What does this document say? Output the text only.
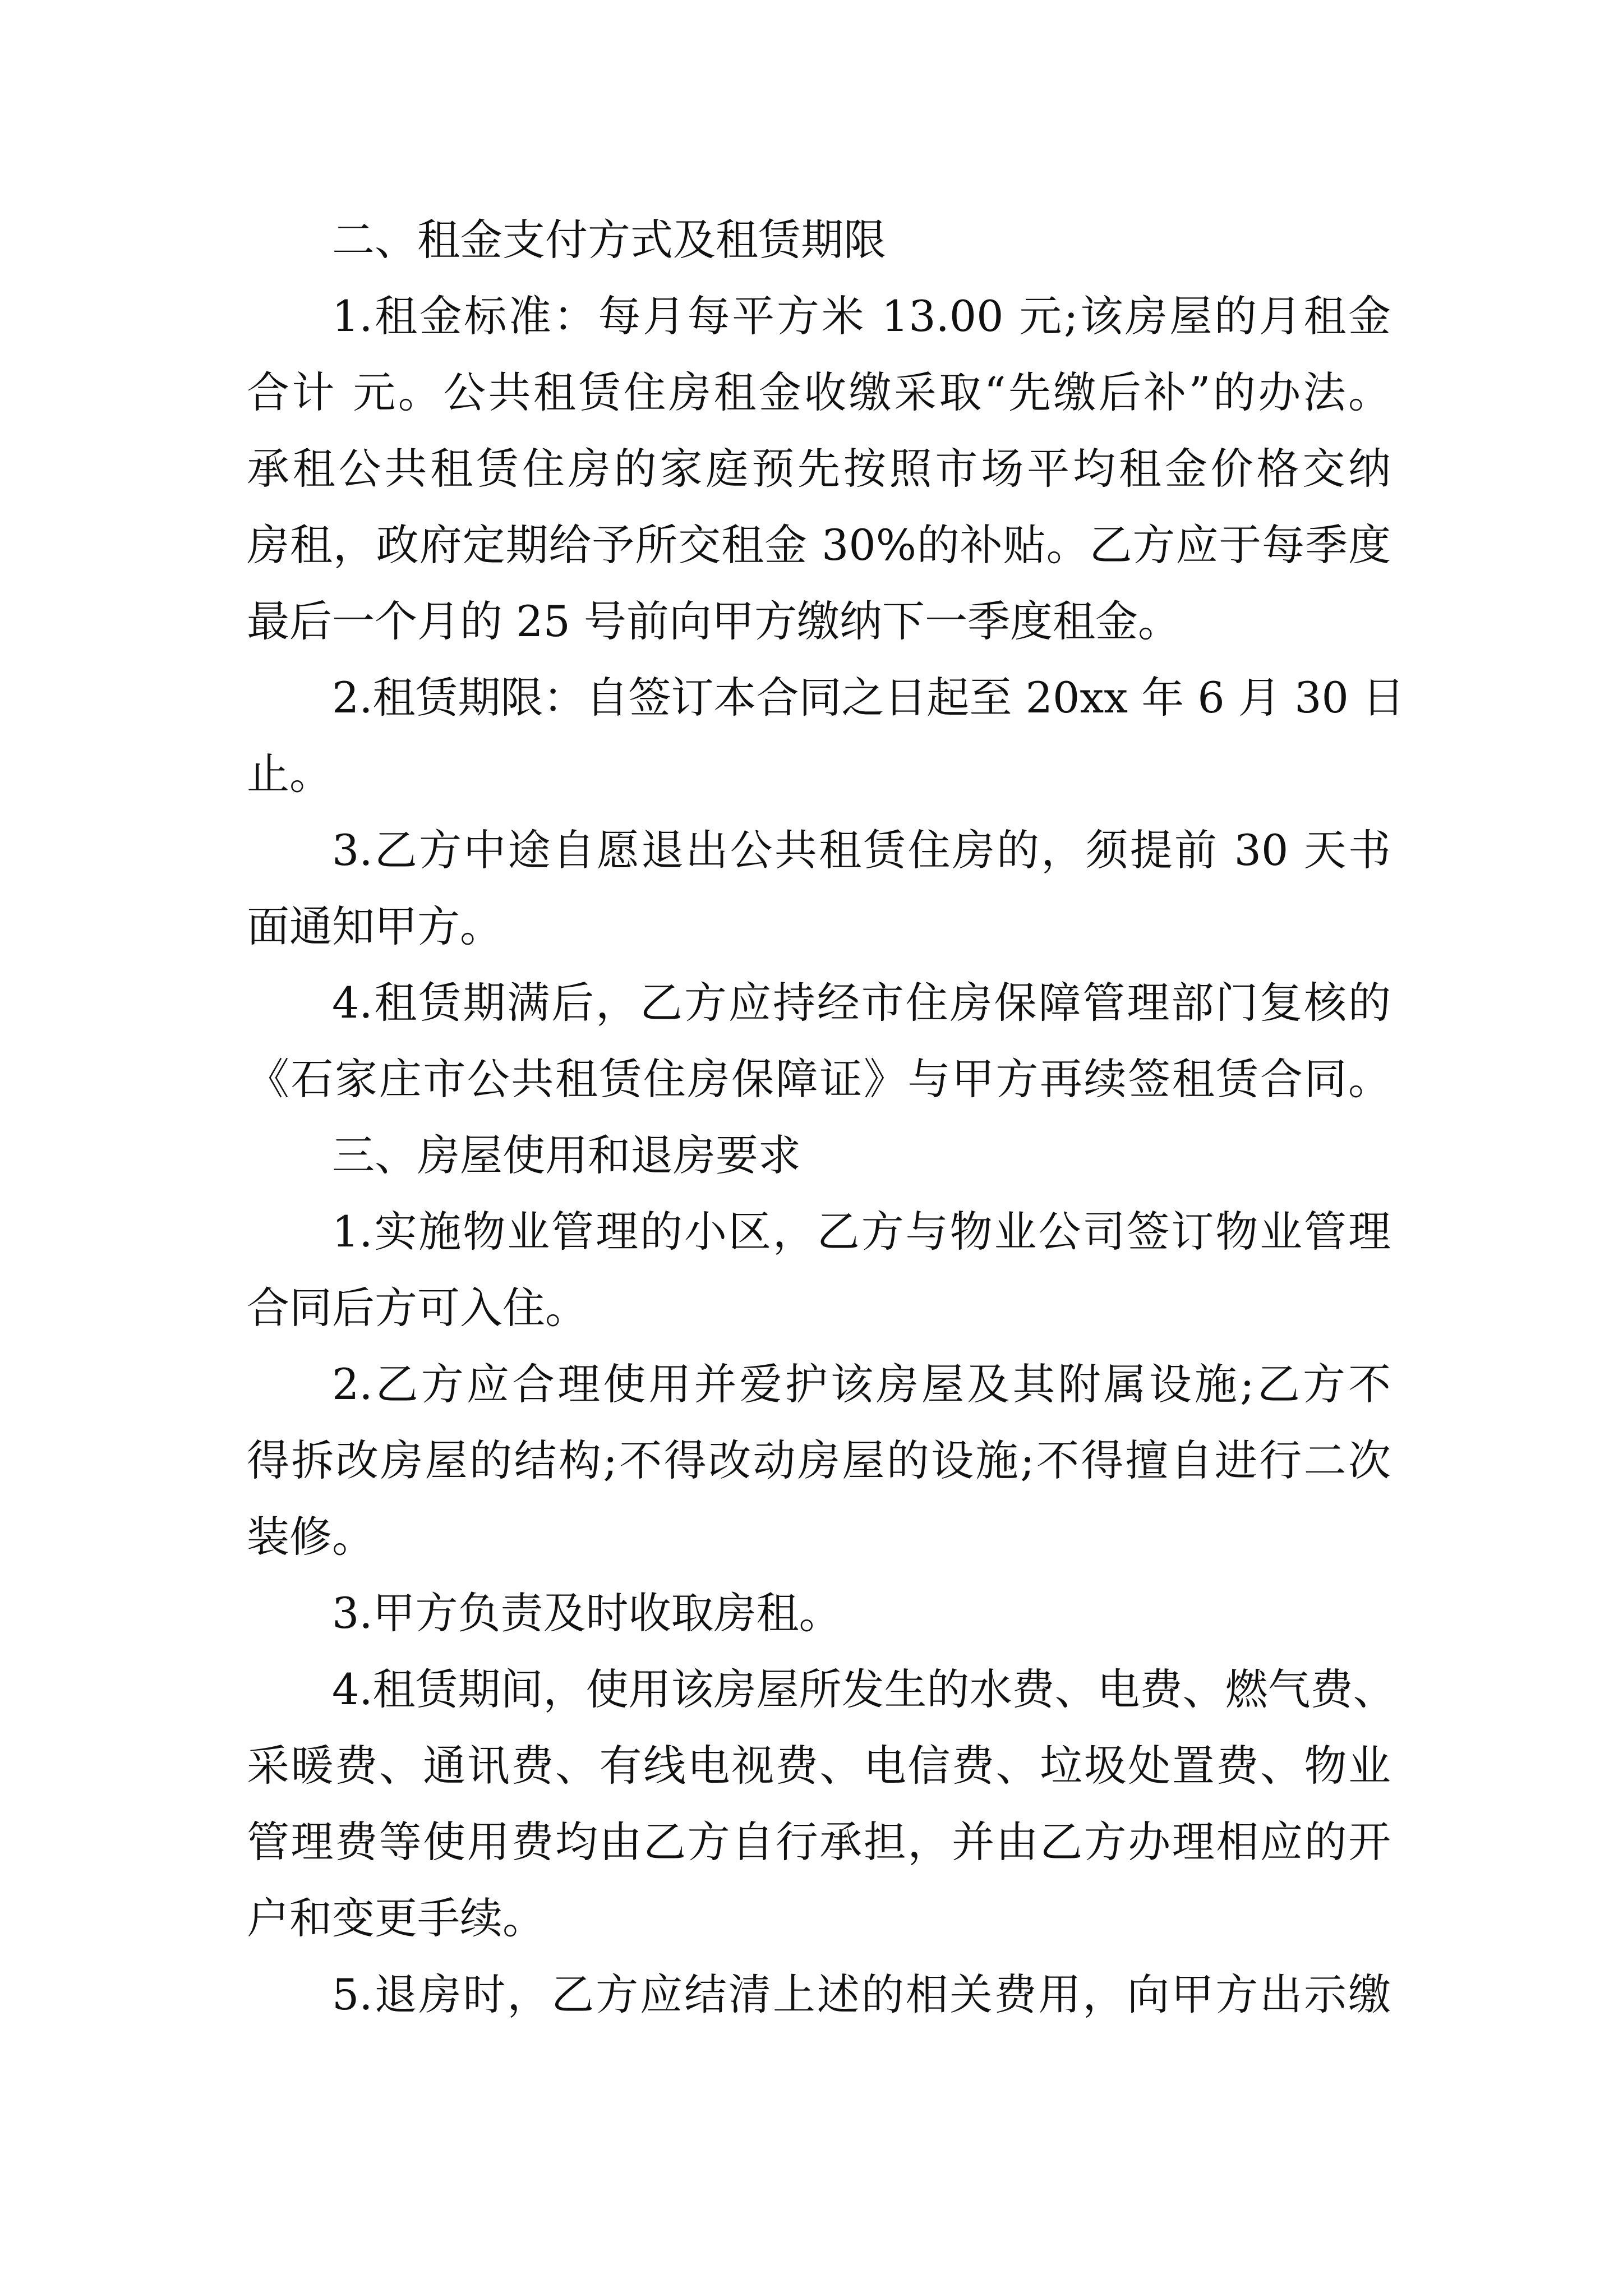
二、租金支付方式及租赁期限
1.租金标准：每月每平方米 13.00 元;该房屋的月租金
合计 元。公共租赁住房租金收缴采取“先缴后补”的办法。
承租公共租赁住房的家庭预先按照市场平均租金价格交纳
房租，政府定期给予所交租金 30%的补贴。乙方应于每季度
最后一个月的 25 号前向甲方缴纳下一季度租金。
2.租赁期限：自签订本合同之日起至 20xx 年 6 月 30 日
止。
3.乙方中途自愿退出公共租赁住房的，须提前 30 天书
面通知甲方。
4.租赁期满后，乙方应持经市住房保障管理部门复核的
《石家庄市公共租赁住房保障证》与甲方再续签租赁合同。
三、房屋使用和退房要求
1.实施物业管理的小区，乙方与物业公司签订物业管理
合同后方可入住。
2.乙方应合理使用并爱护该房屋及其附属设施;乙方不
得拆改房屋的结构;不得改动房屋的设施;不得擅自进行二次
装修。
3.甲方负责及时收取房租。
4.租赁期间，使用该房屋所发生的水费、电费、燃气费、
采暖费、通讯费、有线电视费、电信费、垃圾处置费、物业
管理费等使用费均由乙方自行承担，并由乙方办理相应的开
户和变更手续。
5.退房时，乙方应结清上述的相关费用，向甲方出示缴
